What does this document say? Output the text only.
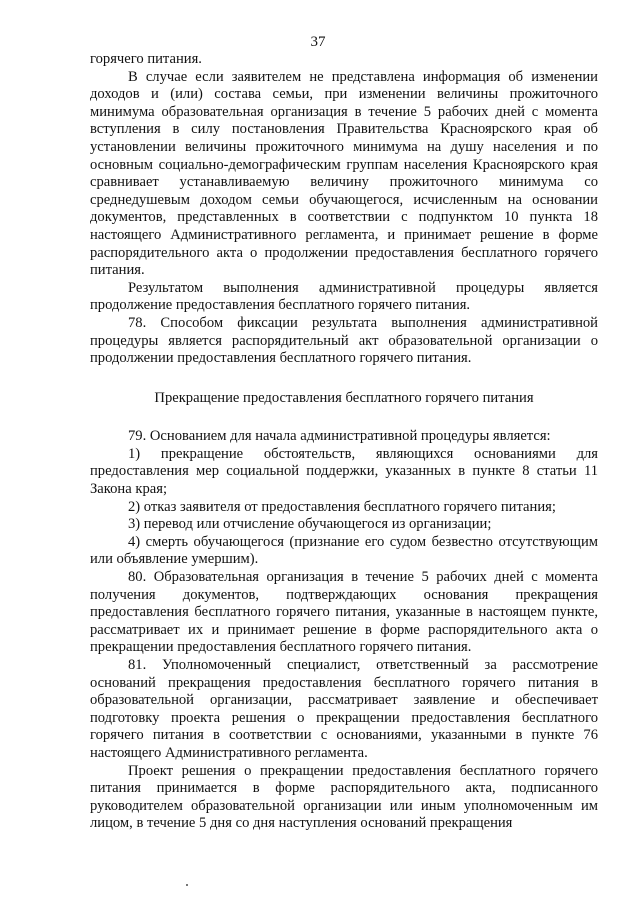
37

горячего питания.

В случае если заявителем не представлена информация об изменении доходов и (или) состава семьи, при изменении величины прожиточного минимума образовательная организация в течение 5 рабочих дней с момента вступления в силу постановления Правительства Красноярского края об установлении величины прожиточного минимума на душу населения и по основным социально-демографическим группам населения Красноярского края сравнивает устанавливаемую величину прожиточного минимума со среднедушевым доходом семьи обучающегося, исчисленным на основании документов, представленных в соответствии с подпунктом 10 пункта 18 настоящего Административного регламента, и принимает решение в форме распорядительного акта о продолжении предоставления бесплатного горячего питания.

Результатом выполнения административной процедуры является продолжение предоставления бесплатного горячего питания.

78. Способом фиксации результата выполнения административной процедуры является распорядительный акт образовательной организации о продолжении предоставления бесплатного горячего питания.

Прекращение предоставления бесплатного горячего питания

79. Основанием для начала административной процедуры является:

1) прекращение обстоятельств, являющихся основаниями для предоставления мер социальной поддержки, указанных в пункте 8 статьи 11 Закона края;

2) отказ заявителя от предоставления бесплатного горячего питания;

3) перевод или отчисление обучающегося из организации;

4) смерть обучающегося (признание его судом безвестно отсутствующим или объявление умершим).

80. Образовательная организация в течение 5 рабочих дней с момента получения документов, подтверждающих основания прекращения предоставления бесплатного горячего питания, указанные в настоящем пункте, рассматривает их и принимает решение в форме распорядительного акта о прекращении предоставления бесплатного горячего питания.

81. Уполномоченный специалист, ответственный за рассмотрение оснований прекращения предоставления бесплатного горячего питания в образовательной организации, рассматривает заявление и обеспечивает подготовку проекта решения о прекращении предоставления бесплатного горячего питания в соответствии с основаниями, указанными в пункте 76 настоящего Административного регламента.

Проект решения о прекращении предоставления бесплатного горячего питания принимается в форме распорядительного акта, подписанного руководителем образовательной организации или иным уполномоченным им лицом, в течение 5 дня со дня наступления оснований прекращения
